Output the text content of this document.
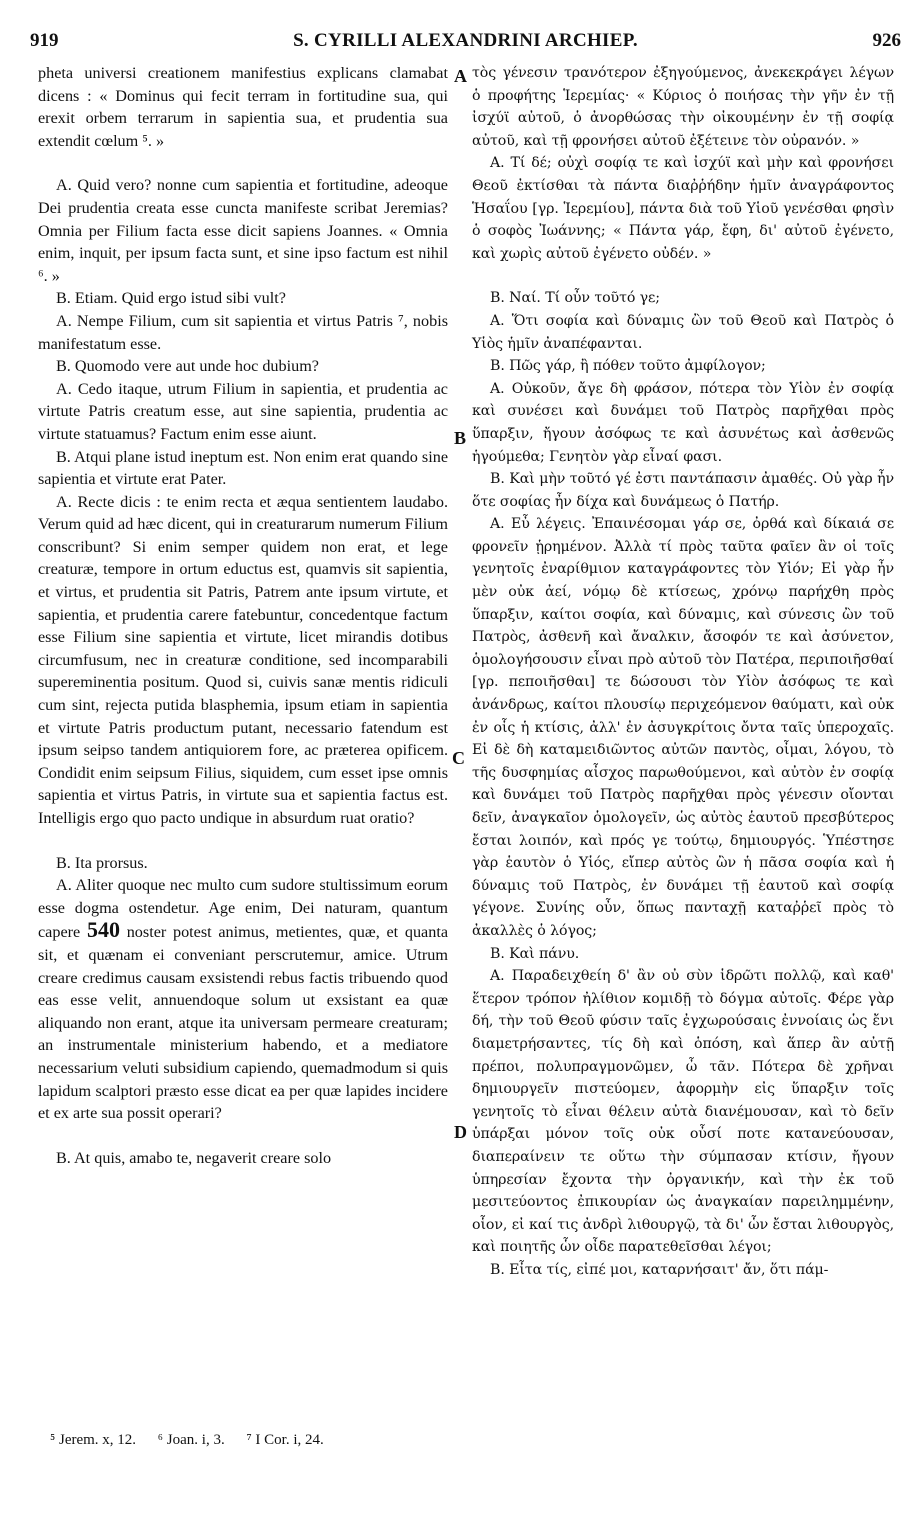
919	S. CYRILLI ALEXANDRINI ARCHIEP.	926

pheta universi creationem manifestius explicans clamabat dicens : « Dominus qui fecit terram in fortitudine sua, qui erexit orbem terrarum in sapientia sua, et prudentia sua extendit cœlum ⁵. »

A. Quid vero? nonne cum sapientia et fortitudine, adeoque Dei prudentia creata esse cuncta manifeste scribat Jeremias? Omnia per Filium facta esse dicit sapiens Joannes. « Omnia enim, inquit, per ipsum facta sunt, et sine ipso factum est nihil ⁶. »

B. Etiam. Quid ergo istud sibi vult?

A. Nempe Filium, cum sit sapientia et virtus Patris ⁷, nobis manifestatum esse.

B. Quomodo vere aut unde hoc dubium?

A. Cedo itaque, utrum Filium in sapientia, et prudentia ac virtute Patris creatum esse, aut sine sapientia, prudentia ac virtute statuamus? Factum enim esse aiunt.

B. Atqui plane istud ineptum est. Non enim erat quando sine sapientia et virtute erat Pater.

A. Recte dicis : te enim recta et æqua sentientem laudabo. Verum quid ad hæc dicent, qui in creaturarum numerum Filium conscribunt? Si enim semper quidem non erat, et lege creaturæ, tempore in ortum eductus est, quamvis sit sapientia, et virtus, et prudentia sit Patris, Patrem ante ipsum virtute, et sapientia, et prudentia carere fatebuntur, concedentque factum esse Filium sine sapientia et virtute, licet mirandis dotibus circumfusum, nec in creaturæ conditione, sed incomparabili supereminentia positum. Quod si, cuivis sanæ mentis ridiculi cum sint, rejecta putida blasphemia, ipsum etiam in sapientia et virtute Patris productum putant, necessario fatendum est ipsum seipso tandem antiquiorem fore, ac præterea opificem. Condidit enim seipsum Filius, siquidem, cum esset ipse omnis sapientia et virtus Patris, in virtute sua et sapientia factus est. Intelligis ergo quo pacto undique in absurdum ruat oratio?

B. Ita prorsus.

A. Aliter quoque nec multo cum sudore stultissimum eorum esse dogma ostendetur. Age enim, Dei naturam, quantum capere 540 noster potest animus, metientes, quæ, et quanta sit, et quænam ei conveniant perscrutemur, amice. Utrum creare credimus causam exsistendi rebus factis tribuendo quod eas esse velit, annuendoque solum ut exsistant ea quæ aliquando non erant, atque ita universam permeare creaturam; an instrumentale ministerium habendo, et a mediatore necessarium veluti subsidium capiendo, quemadmodum si quis lapidum scalptori præsto esse dicat ea per quæ lapides incidere et ex arte sua possit operari?

B. At quis, amabo te, negaverit creare solo

A
B
C
D

τὸς γένεσιν τρανότερον ἐξηγούμενος, ἀνεκεκράγει λέγων ὁ προφήτης Ἱερεμίας· « Κύριος ὁ ποιήσας τὴν γῆν ἐν τῇ ἰσχύϊ αὐτοῦ, ὁ ἀνορθώσας τὴν οἰκουμένην ἐν τῇ σοφίᾳ αὐτοῦ, καὶ τῇ φρονήσει αὐτοῦ ἐξέτεινε τὸν οὐρανόν. »

Α. Τί δέ; οὐχὶ σοφίᾳ τε καὶ ἰσχύϊ καὶ μὴν καὶ φρονήσει Θεοῦ ἐκτίσθαι τὰ πάντα διαῤῥήδην ἡμῖν ἀναγράφοντος Ἡσαΐου [γρ. Ἱερεμίου], πάντα διὰ τοῦ Υἱοῦ γενέσθαι φησὶν ὁ σοφὸς Ἰωάννης; « Πάντα γάρ, ἔφη, δι' αὐτοῦ ἐγένετο, καὶ χωρὶς αὐτοῦ ἐγένετο οὐδέν. »

Β. Ναί. Τί οὖν τοῦτό γε;

Α. Ὅτι σοφία καὶ δύναμις ὢν τοῦ Θεοῦ καὶ Πατρὸς ὁ Υἱὸς ἡμῖν ἀναπέφανται.

Β. Πῶς γάρ, ἢ πόθεν τοῦτο ἀμφίλογον;

Α. Οὐκοῦν, ἄγε δὴ φράσον, πότερα τὸν Υἱὸν ἐν σοφίᾳ καὶ συνέσει καὶ δυνάμει τοῦ Πατρὸς παρῆχθαι πρὸς ὕπαρξιν, ἤγουν ἀσόφως τε καὶ ἀσυνέτως καὶ ἀσθενῶς ἡγούμεθα; Γενητὸν γὰρ εἶναί φασι.

Β. Καὶ μὴν τοῦτό γέ ἐστι παντάπασιν ἀμαθές. Οὐ γὰρ ἦν ὅτε σοφίας ἦν δίχα καὶ δυνάμεως ὁ Πατήρ.

Α. Εὖ λέγεις. Ἐπαινέσομαι γάρ σε, ὀρθά καὶ δίκαιά σε φρονεῖν ᾑρημένον. Ἀλλὰ τί πρὸς ταῦτα φαῖεν ἂν οἱ τοῖς γενητοῖς ἐναρίθμιον καταγράφοντες τὸν Υἱόν; Εἰ γὰρ ἦν μὲν οὐκ ἀεί, νόμῳ δὲ κτίσεως, χρόνῳ παρήχθη πρὸς ὕπαρξιν, καίτοι σοφία, καὶ δύναμις, καὶ σύνεσις ὢν τοῦ Πατρὸς, ἀσθενῆ καὶ ἄναλκιν, ἄσοφόν τε καὶ ἀσύνετον, ὁμολογήσουσιν εἶναι πρὸ αὐτοῦ τὸν Πατέρα, περιποιῆσθαί [γρ. πεποιῆσθαι] τε δώσουσι τὸν Υἱὸν ἀσόφως τε καὶ ἀνάνδρως, καίτοι πλουσίῳ περιχεόμενον θαύματι, καὶ οὐκ ἐν οἷς ἡ κτίσις, ἀλλ' ἐν ἀσυγκρίτοις ὄντα ταῖς ὑπεροχαῖς. Εἰ δὲ δὴ καταμειδιῶντος αὐτῶν παντὸς, οἶμαι, λόγου, τὸ τῆς δυσφημίας αἶσχος παρωθούμενοι, καὶ αὐτὸν ἐν σοφίᾳ καὶ δυνάμει τοῦ Πατρὸς παρῆχθαι πρὸς γένεσιν οἴονται δεῖν, ἀναγκαῖον ὁμολογεῖν, ὡς αὐτὸς ἑαυτοῦ πρεσβύτερος ἔσται λοιπόν, καὶ πρός γε τούτῳ, δημιουργός. Ὑπέστησε γὰρ ἑαυτὸν ὁ Υἱός, εἴπερ αὐτὸς ὢν ἡ πᾶσα σοφία καὶ ἡ δύναμις τοῦ Πατρὸς, ἐν δυνάμει τῇ ἑαυτοῦ καὶ σοφίᾳ γέγονε. Συνίης οὖν, ὅπως πανταχῇ καταῤῥεῖ πρὸς τὸ ἀκαλλὲς ὁ λόγος;

Β. Καὶ πάνυ.

Α. Παραδειχθείη δ' ἂν οὐ σὺν ἱδρῶτι πολλῷ, καὶ καθ' ἕτερον τρόπον ἠλίθιον κομιδῇ τὸ δόγμα αὐτοῖς. Φέρε γὰρ δή, τὴν τοῦ Θεοῦ φύσιν ταῖς ἐγχωρούσαις ἐννοίαις ὡς ἔνι διαμετρήσαντες, τίς δὴ καὶ ὁπόση, καὶ ἅπερ ἂν αὐτῇ πρέποι, πολυπραγμονῶμεν, ὦ τᾶν. Πότερα δὲ χρῆναι δημιουργεῖν πιστεύομεν, ἀφορμὴν εἰς ὕπαρξιν τοῖς γενητοῖς τὸ εἶναι θέλειν αὐτὰ διανέμουσαν, καὶ τὸ δεῖν ὑπάρξαι μόνον τοῖς οὐκ οὖσί ποτε κατανεύουσαν, διαπεραίνειν τε οὕτω τὴν σύμπασαν κτίσιν, ἤγουν ὑπηρεσίαν ἔχοντα τὴν ὀργανικήν, καὶ τὴν ἐκ τοῦ μεσιτεύοντος ἐπικουρίαν ὡς ἀναγκαίαν παρειλημμένην, οἷον, εἰ καί τις ἀνδρὶ λιθουργῷ, τὰ δι' ὧν ἔσται λιθουργὸς, καὶ ποιητῆς ὧν οἶδε παρατεθεῖσθαι λέγοι;

Β. Εἶτα τίς, εἰπέ μοι, καταρνήσαιτ' ἄν, ὅτι πάμ-

⁵ Jerem. x, 12. ⁶ Joan. i, 3. ⁷ I Cor. i, 24.
